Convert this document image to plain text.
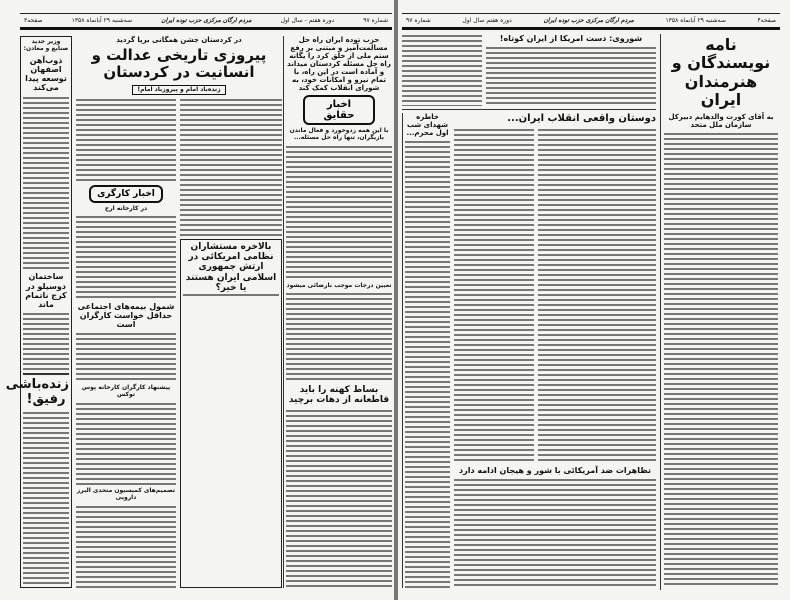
شماره ۹۷
دوره هفتم - سال اول
مردم ارگان مرکزی حزب توده ایران
سه‌شنبه ۲۹ آبانماه ۱۳۵۸
صفحه۳
وزیر جدید صنایع و معادن:
ذوب‌آهن اصفهان توسعه پیدا می‌کند
ساختمان دوسیلو در کرج ناتمام ماند
زنده‌باشی رفیق!
در کردستان جشن همگانی برپا گردید
پیروزی تاریخی عدالت و انسانیت در کردستان
زنده‌باد امام و پیروزباد امام!
اخبار کارگری
در کارخانه ارج
شمول بیمه‌های اجتماعی حداقل خواست کارگران است
پیشنهاد کارگران کارخانه پوس توکس
تصمیم‌های کمیسیون متحدی البرز دارویی
بالاخره مستشاران نظامی امریکائی در ارتش جمهوری اسلامی ایران هستند یا خیر؟
حزب توده ایران راه حل مسالمت‌آمیز و مبتنی بر رفع ستم ملی از خلق کرد را یگانه راه حل مسئله کردستان میداند و آماده است در این راه، با تمام نیرو و امکانات خود، به شورای انقلاب کمک کند
اخبار حقایق
با این همه زدوخورد و فعال ماندن بازیگران، تنها راه حل مسئله...
تعیین درجات موجب نارضائی میشود
بساط کهنه را باید قاطعانه از دهات برچید
صفحه۴
سه‌شنبه ۲۹ آبانماه ۱۳۵۸
مردم ارگان مرکزی حزب توده ایران
دوره هفتم سال اول
شماره ۹۷
نامه نویسندگان و هنرمندان ایران
به آقای کورت والدهایم دبیرکل سازمان ملل متحد
شوروی: دست امریکا از ایران کوتاه!
خاطره شهدای شب اول محرم...
دوستان واقعی انقلاب ایران...
تظاهرات ضد آمریکائی با شور و هیجان ادامه دارد
